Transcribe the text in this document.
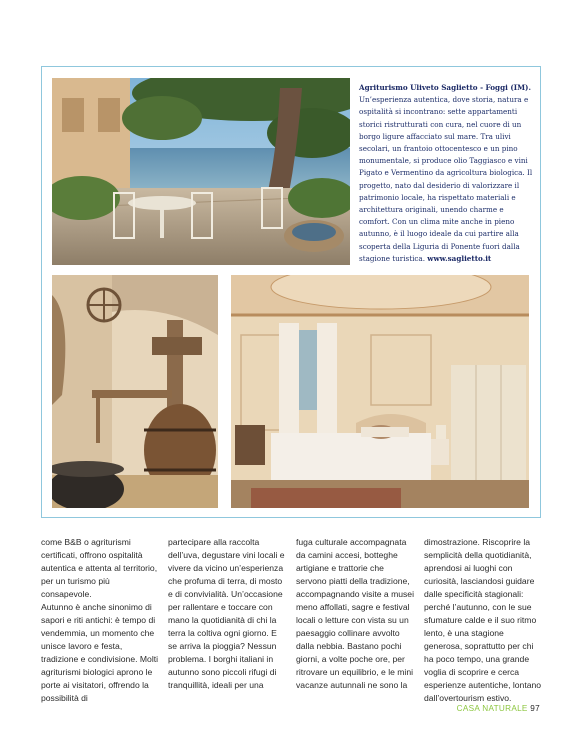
Agriturismo Uliveto Saglietto - Foggi (IM). Un’esperienza autentica, dove storia, natura e ospitalità si incontrano: sette appartamenti storici ristrutturati con cura, nel cuore di un borgo ligure affacciato sul mare. Tra ulivi secolari, un frantoio ottocentesco e un pino monumentale, si produce olio Taggiasco e vini Pigato e Vermentino da agricoltura biologica. Il progetto, nato dal desiderio di valorizzare il patrimonio locale, ha rispettato materiali e architettura originali, unendo charme e comfort. Con un clima mite anche in pieno autunno, è il luogo ideale da cui partire alla scoperta della Liguria di Ponente fuori dalla stagione turistica. www.saglietto.it

come B&B o agriturismi certificati, offrono ospitalità autentica e attenta al territorio, per un turismo più consapevole.

Autunno è anche sinonimo di sapori e riti antichi: è tempo di vendemmia, un momento che unisce lavoro e festa, tradizione e condivisione. Molti agriturismi biologici aprono le porte ai visitatori, offrendo la possibilità di

partecipare alla raccolta dell’uva, degustare vini locali e vivere da vicino un’esperienza che profuma di terra, di mosto e di convivialità. Un’occasione per rallentare e toccare con mano la quotidianità di chi la terra la coltiva ogni giorno. E se arriva la pioggia? Nessun problema. I borghi italiani in autunno sono piccoli rifugi di tranquillità, ideali per una

fuga culturale accompagnata da camini accesi, botteghe artigiane e trattorie che servono piatti della tradizione, accompagnando visite a musei meno affollati, sagre e festival locali o letture con vista su un paesaggio collinare avvolto dalla nebbia. Bastano pochi giorni, a volte poche ore, per ritrovare un equilibrio, e le mini vacanze autunnali ne sono la

dimostrazione. Riscoprire la semplicità della quotidianità, aprendosi ai luoghi con curiosità, lasciandosi guidare dalle specificità stagionali: perché l’autunno, con le sue sfumature calde e il suo ritmo lento, è una stagione generosa, soprattutto per chi ha poco tempo, una grande voglia di scoprire e cerca esperienze autentiche, lontano dall’overtourism estivo.

CASA NATURALE 97
